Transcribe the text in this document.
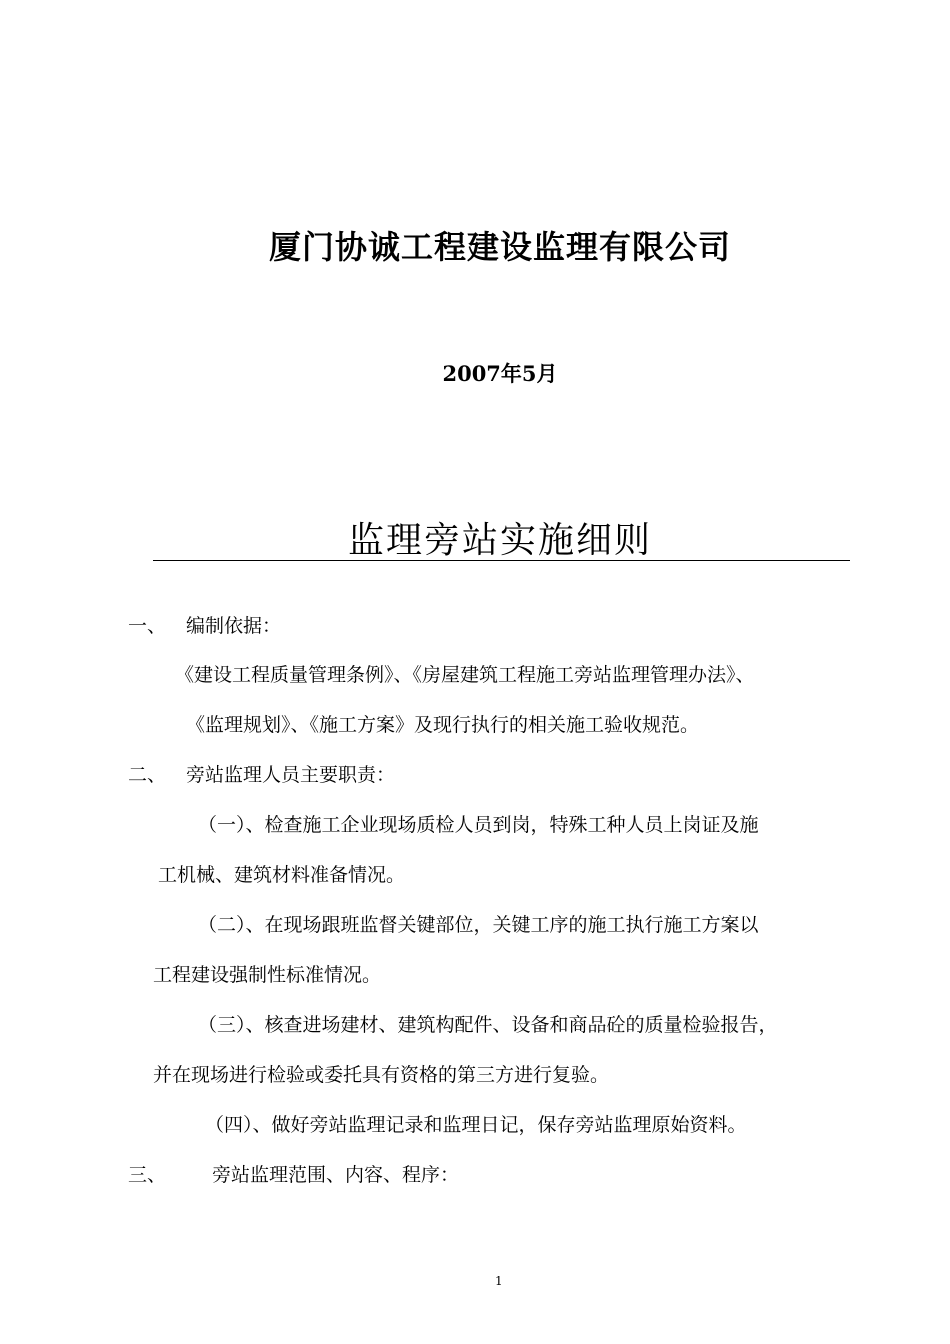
厦门协诚工程建设监理有限公司
2007年5月
监理旁站实施细则
一、 编制依据：
《建设工程质量管理条例》、《房屋建筑工程施工旁站监理管理办法》、
《监理规划》、《施工方案》及现行执行的相关施工验收规范。
二、 旁站监理人员主要职责：
（一）、检查施工企业现场质检人员到岗，特殊工种人员上岗证及施
工机械、建筑材料准备情况。
（二）、在现场跟班监督关键部位，关键工序的施工执行施工方案以
工程建设强制性标准情况。
（三）、核查进场建材、建筑构配件、设备和商品砼的质量检验报告，
并在现场进行检验或委托具有资格的第三方进行复验。
（四）、做好旁站监理记录和监理日记，保存旁站监理原始资料。
三、 旁站监理范围、内容、程序：
1
